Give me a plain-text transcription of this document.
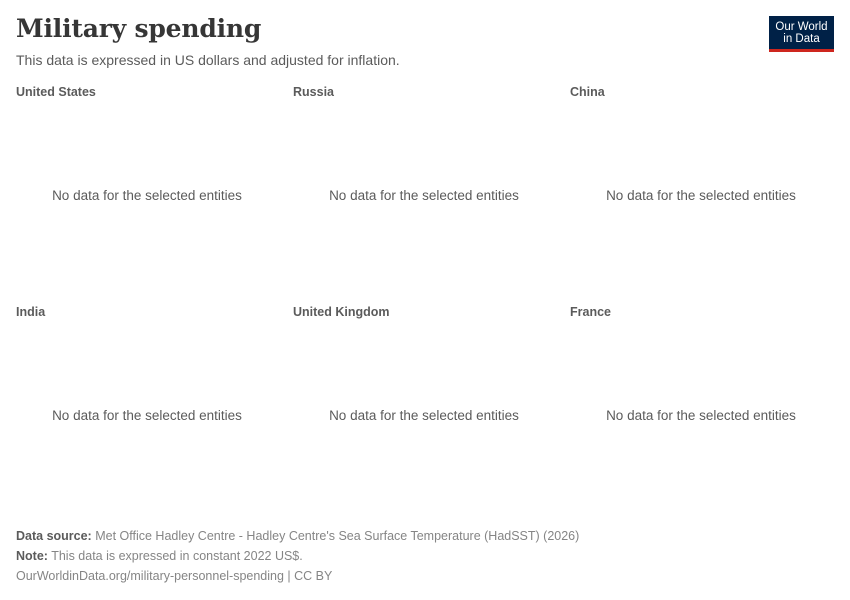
Military spending
This data is expressed in US dollars and adjusted for inflation.
Our World
in Data
United States
No data for the selected entities
Russia
No data for the selected entities
China
No data for the selected entities
India
No data for the selected entities
United Kingdom
No data for the selected entities
France
No data for the selected entities
Data source: Met Office Hadley Centre - Hadley Centre's Sea Surface Temperature (HadSST) (2026)
Note: This data is expressed in constant 2022 US$.
OurWorldinData.org/military-personnel-spending | CC BY
